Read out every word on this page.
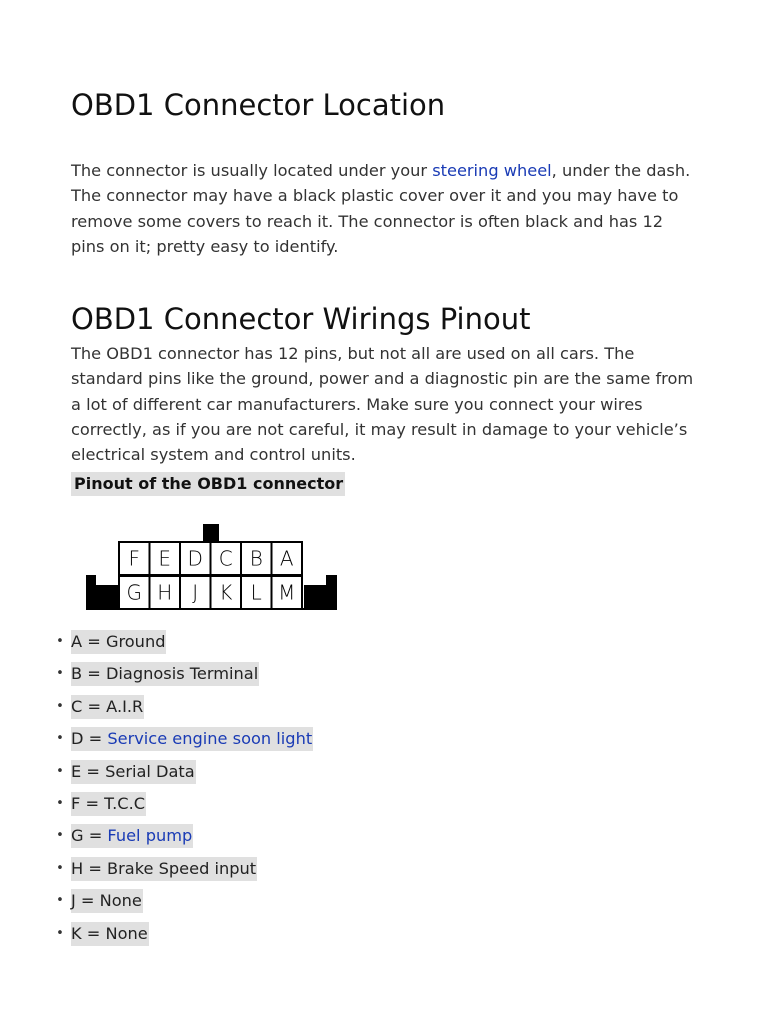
OBD1 Connector Location

The connector is usually located under your steering wheel, under the dash. The connector may have a black plastic cover over it and you may have to remove some covers to reach it. The connector is often black and has 12 pins on it; pretty easy to identify.

OBD1 Connector Wirings Pinout

The OBD1 connector has 12 pins, but not all are used on all cars. The standard pins like the ground, power and a diagnostic pin are the same from a lot of different car manufacturers. Make sure you connect your wires correctly, as if you are not careful, it may result in damage to your vehicle’s electrical system and control units.

Pinout of the OBD1 connector
F E D C B A
G H J K L M
• A = Ground
• B = Diagnosis Terminal
• C = A.I.R
• D = Service engine soon light
• E = Serial Data
• F = T.C.C
• G = Fuel pump
• H = Brake Speed input
• J = None
• K = None
